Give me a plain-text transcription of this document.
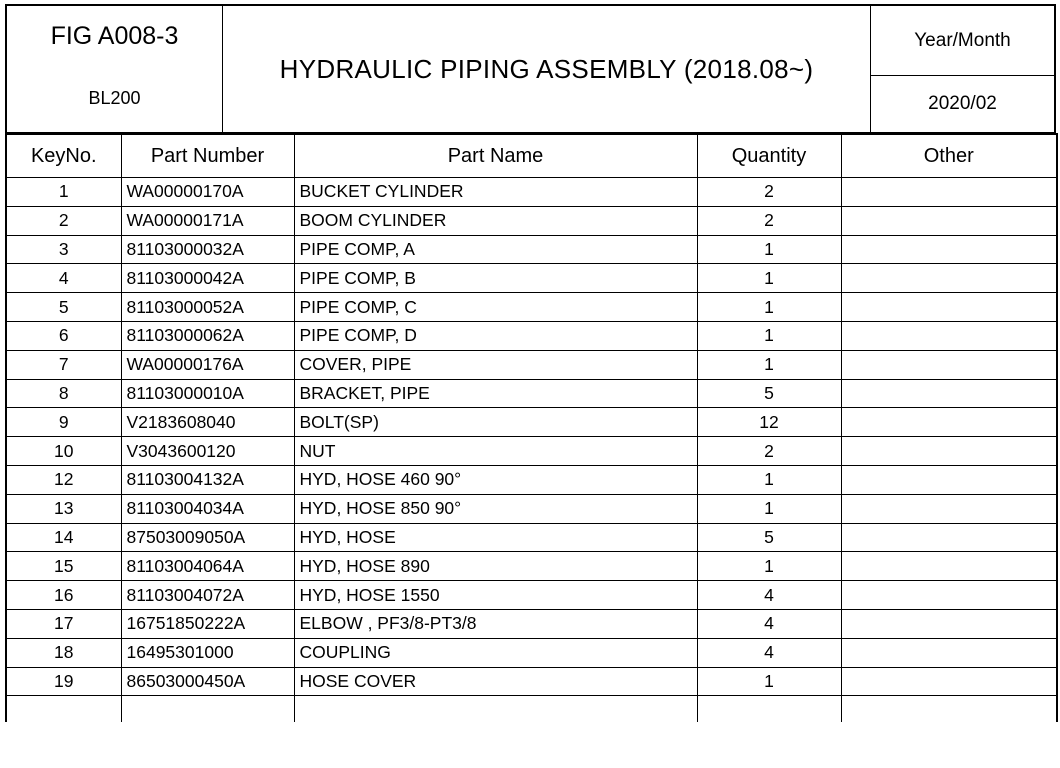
FIG A008-3
BL200
HYDRAULIC PIPING ASSEMBLY (2018.08~)
Year/Month
2020/02
KeyNo.	Part Number	Part Name	Quantity	Other
1	WA00000170A	BUCKET CYLINDER	2	
2	WA00000171A	BOOM CYLINDER	2	
3	81103000032A	PIPE COMP, A	1	
4	81103000042A	PIPE COMP, B	1	
5	81103000052A	PIPE COMP, C	1	
6	81103000062A	PIPE COMP, D	1	
7	WA00000176A	COVER, PIPE	1	
8	81103000010A	BRACKET, PIPE	5	
9	V2183608040	BOLT(SP)	12	
10	V3043600120	NUT	2	
12	81103004132A	HYD, HOSE 460 90°	1	
13	81103004034A	HYD, HOSE 850 90°	1	
14	87503009050A	HYD, HOSE	5	
15	81103004064A	HYD, HOSE 890	1	
16	81103004072A	HYD, HOSE 1550	4	
17	16751850222A	ELBOW , PF3/8-PT3/8	4	
18	16495301000	COUPLING	4	
19	86503000450A	HOSE COVER	1	
